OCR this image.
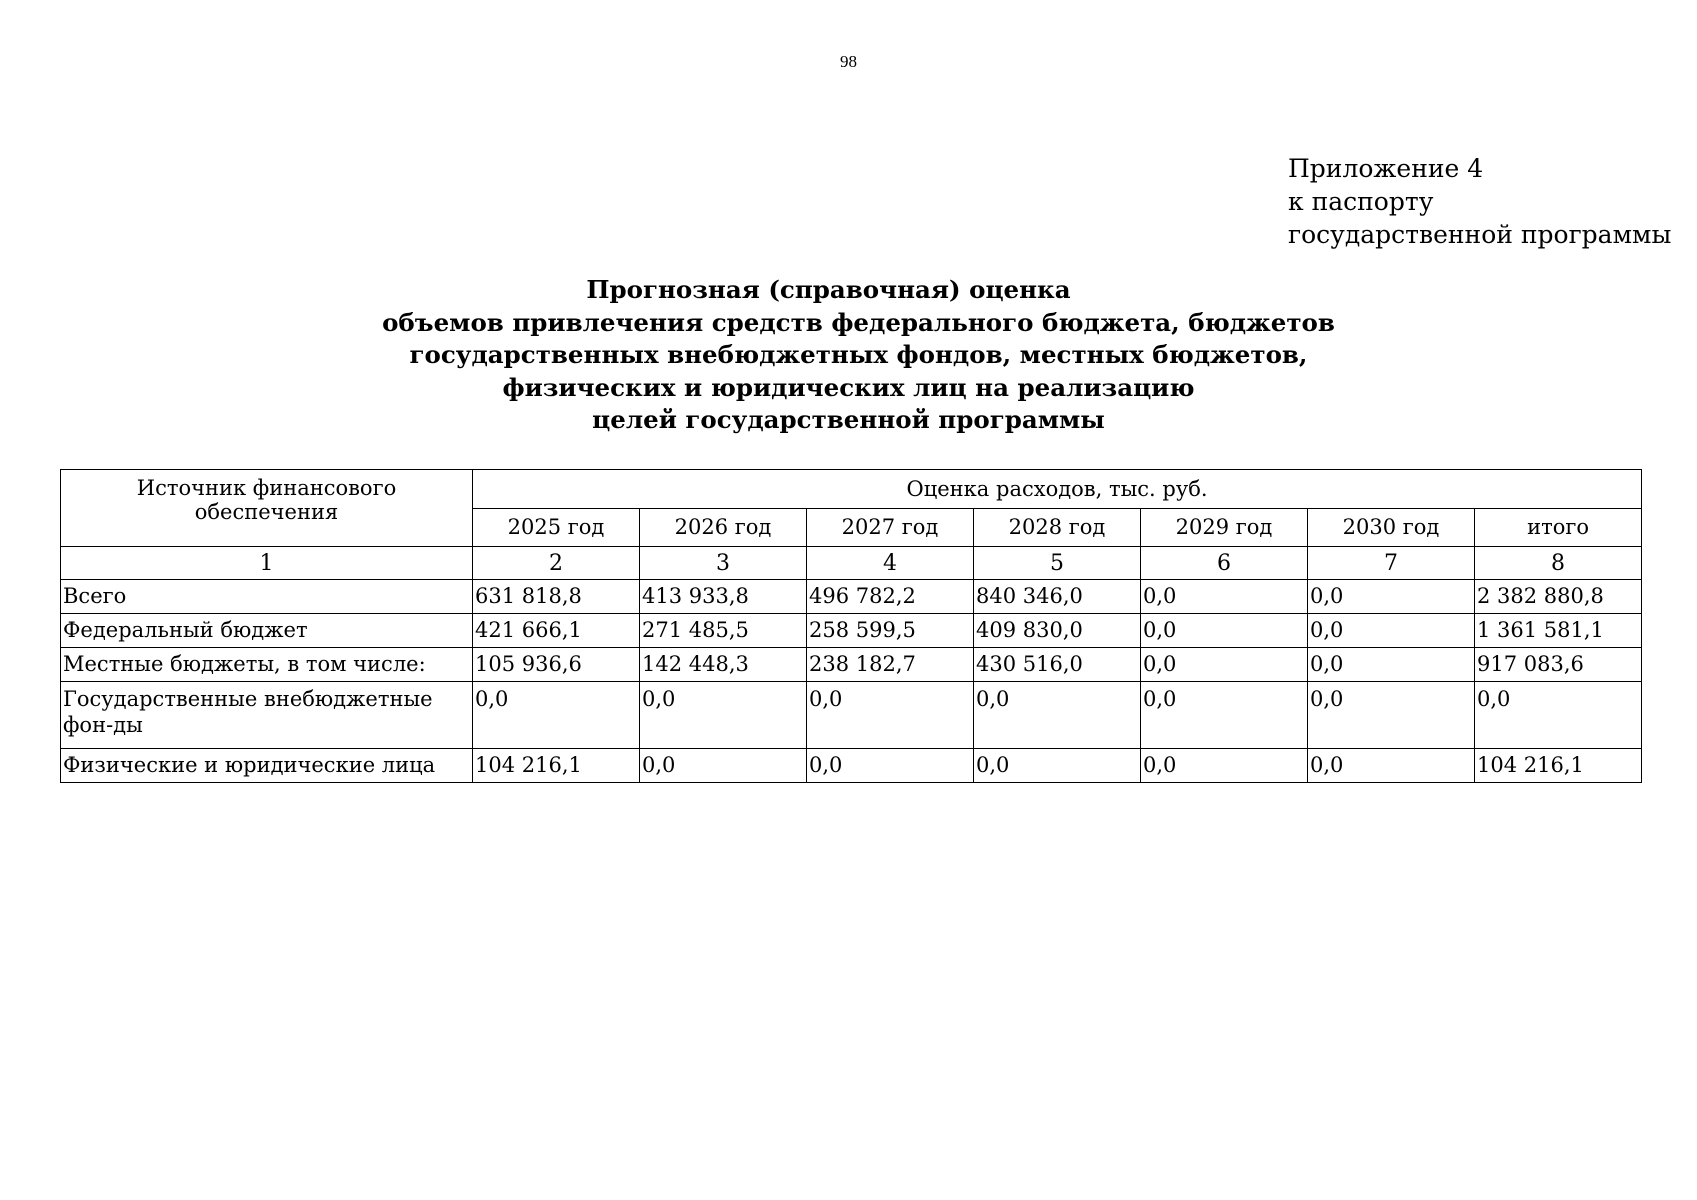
98
Приложение 4
к паспорту
государственной программы
Прогнозная (справочная) оценка
объемов привлечения средств федерального бюджета, бюджетов
государственных внебюджетных фондов, местных бюджетов,
физических и юридических лиц на реализацию
целей государственной программы
Источник финансового обеспечения	Оценка расходов, тыс. руб.						
	2025 год	2026 год	2027 год	2028 год	2029 год	2030 год	итого
1	2	3	4	5	6	7	8
Всего	631 818,8	413 933,8	496 782,2	840 346,0	0,0	0,0	2 382 880,8
Федеральный бюджет	421 666,1	271 485,5	258 599,5	409 830,0	0,0	0,0	1 361 581,1
Местные бюджеты, в том числе:	105 936,6	142 448,3	238 182,7	430 516,0	0,0	0,0	917 083,6
Государственные внебюджетные фон-ды	0,0	0,0	0,0	0,0	0,0	0,0	0,0
Физические и юридические лица	104 216,1	0,0	0,0	0,0	0,0	0,0	104 216,1
